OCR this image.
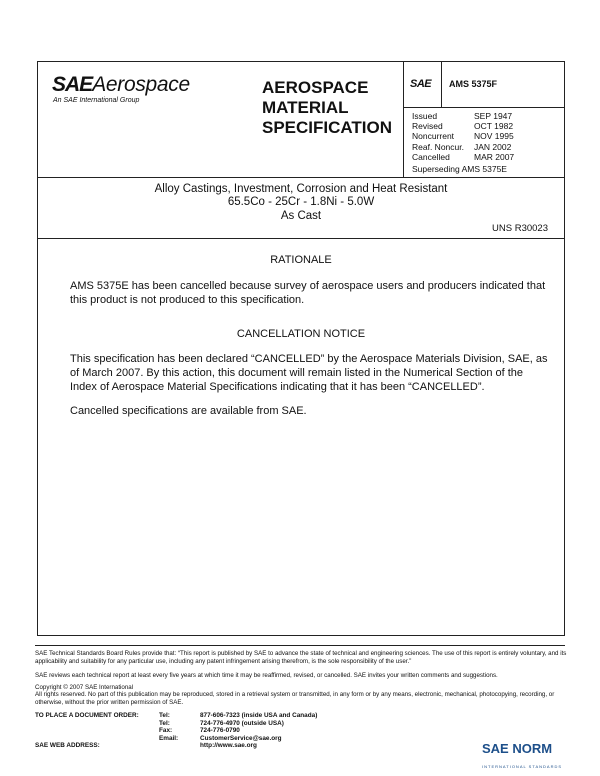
SAEAerospace
An SAE International Group
AEROSPACE
MATERIAL
SPECIFICATION
SAE AMS 5375F
Issued	SEP 1947
Revised	OCT 1982
Noncurrent NOV 1995
Reaf. Noncur. JAN 2002
Cancelled	MAR 2007
Superseding AMS 5375E
Alloy Castings, Investment, Corrosion and Heat Resistant
65.5Co - 25Cr - 1.8Ni - 5.0W
As Cast
UNS R30023
RATIONALE
AMS 5375E has been cancelled because survey of aerospace users and producers indicated that this product is not produced to this specification.
CANCELLATION NOTICE
This specification has been declared “CANCELLED” by the Aerospace Materials Division, SAE, as of March 2007. By this action, this document will remain listed in the Numerical Section of the Index of Aerospace Material Specifications indicating that it has been “CANCELLED”.
Cancelled specifications are available from SAE.
SAE Technical Standards Board Rules provide that: “This report is published by SAE to advance the state of technical and engineering sciences. The use of this report is entirely voluntary, and its applicability and suitability for any particular use, including any patent infringement arising therefrom, is the sole responsibility of the user.”
SAE reviews each technical report at least every five years at which time it may be reaffirmed, revised, or cancelled. SAE invites your written comments and suggestions.
Copyright © 2007 SAE International
All rights reserved. No part of this publication may be reproduced, stored in a retrieval system or transmitted, in any form or by any means, electronic, mechanical, photocopying, recording, or otherwise, without the prior written permission of SAE.
TO PLACE A DOCUMENT ORDER:	Tel:	877-606-7323 (inside USA and Canada)
Tel:	724-776-4970 (outside USA)
Fax:	724-776-0790
Email:	CustomerService@sae.org
SAE WEB ADDRESS:	http://www.sae.org	SAE NORM
INTERNATIONAL STANDARDS
